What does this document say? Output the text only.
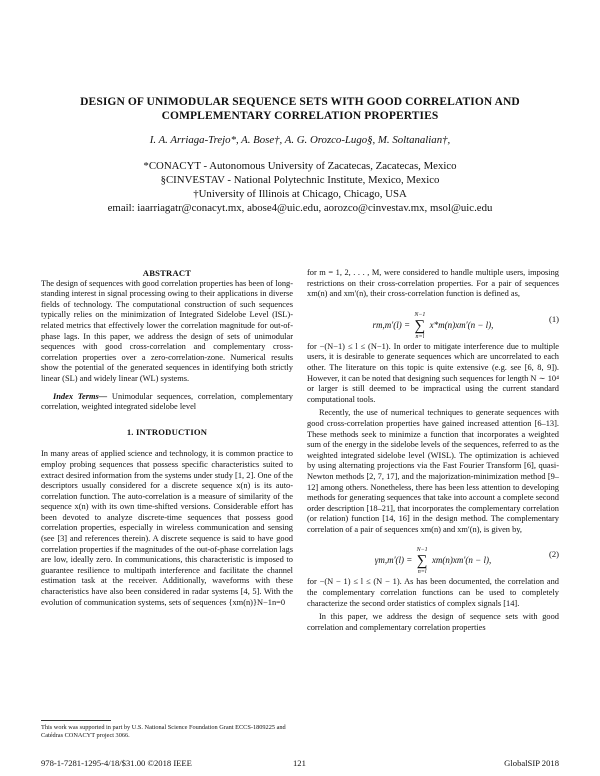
DESIGN OF UNIMODULAR SEQUENCE SETS WITH GOOD CORRELATION AND COMPLEMENTARY CORRELATION PROPERTIES
I. A. Arriaga-Trejo*, A. Bose†, A. G. Orozco-Lugo§, M. Soltanalian†,
*CONACYT - Autonomous University of Zacatecas, Zacatecas, Mexico
§CINVESTAV - National Polytechnic Institute, Mexico, Mexico
†University of Illinois at Chicago, Chicago, USA
email: iaarriagatr@conacyt.mx, abose4@uic.edu, aorozco@cinvestav.mx, msol@uic.edu

ABSTRACT

The design of sequences with good correlation properties has been of long-standing interest in signal processing owing to their applications in diverse fields of technology. The computational construction of such sequences typically relies on the minimization of Integrated Sidelobe Level (ISL)-related metrics that effectively lower the correlation magnitude for out-of-phase lags. In this paper, we address the design of sets of unimodular sequences with good cross-correlation and complementary cross-correlation properties over a zero-correlation-zone. Numerical results show the potential of the generated sequences in identifying both strictly linear (SL) and widely linear (WL) systems.

Index Terms— Unimodular sequences, correlation, complementary correlation, weighted integrated sidelobe level

1. INTRODUCTION

In many areas of applied science and technology, it is common practice to employ probing sequences that possess specific characteristics suited to extract desired information from the systems under study [1, 2]. One of the descriptors usually considered for a discrete sequence x(n) is its auto-correlation function. The auto-correlation is a measure of similarity of the sequence x(n) with its own time-shifted versions. Considerable effort has been devoted to analyze discrete-time sequences that possess good correlation properties, especially in wireless communication and sensing (see [3] and references therein). A discrete sequence is said to have good correlation properties if the magnitudes of the out-of-phase correlation lags are low, ideally zero. In communications, this characteristic is imposed to guarantee resilience to multipath interference and facilitate the channel estimation task at the receiver. Additionally, waveforms with these characteristics have also been considered in radar systems [4, 5]. With the evolution of communication systems, sets of sequences {xm(n)}N−1n=0

This work was supported in part by U.S. National Science Foundation Grant ECCS-1809225 and Catédras CONACYT project 3066.

for m = 1, 2, . . . , M, were considered to handle multiple users, imposing restrictions on their cross-correlation properties. For a pair of sequences xm(n) and xm′(n), their cross-correlation function is defined as,

rm,m′(l) =
N−1
∑
n=l
x*m(n)xm′(n − l),
(1)

for −(N−1) ≤ l ≤ (N−1). In order to mitigate interference due to multiple users, it is desirable to generate sequences which are uncorrelated to each other. The literature on this topic is quite extensive (e.g. see [6, 8, 9]). However, it can be noted that designing such sequences for length N ∼ 10⁴ or larger is still deemed to be impractical using the current standard computational tools.

Recently, the use of numerical techniques to generate sequences with good cross-correlation properties have gained increased attention [6–13]. These methods seek to minimize a function that incorporates a weighted sum of the energy in the sidelobe levels of the sequences, referred to as the weighted integrated sidelobe level (WISL). The optimization is achieved by using alternating projections via the Fast Fourier Transform [6], quasi-Newton methods [2, 7, 17], and the majorization-minimization method [9–12] among others. Nonetheless, there has been less attention to developing methods for generating sequences that take into account a complete second order description [18–21], that incorporates the complementary correlation (or relation) function [14, 16] in the design method. The complementary correlation of a pair of sequences xm(n) and xm′(n), is given by,

γm,m′(l) =
N−1
∑
n=l
xm(n)xm′(n − l),
(2)

for −(N − 1) ≤ l ≤ (N − 1). As has been documented, the correlation and the complementary correlation functions can be used to completely characterize the second order statistics of complex signals [14].

In this paper, we address the design of sequence sets with good correlation and complementary correlation properties

978-1-7281-1295-4/18/$31.00 ©2018 IEEE	121	GlobalSIP 2018
